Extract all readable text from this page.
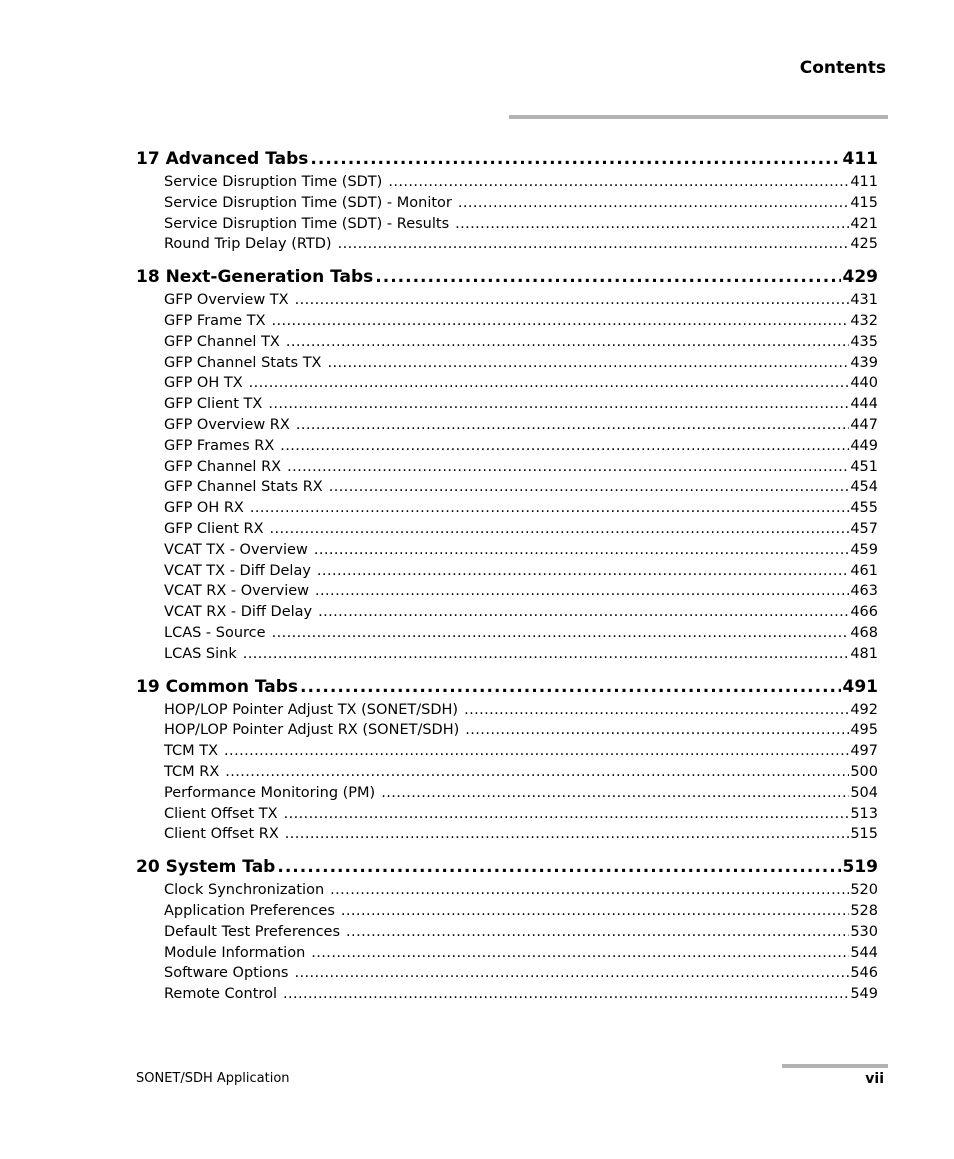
Contents
17 Advanced Tabs .....	411
Service Disruption Time (SDT) .....	411
Service Disruption Time (SDT) - Monitor .....	415
Service Disruption Time (SDT) - Results .....	421
Round Trip Delay (RTD) .....	425
18 Next-Generation Tabs .....	429
GFP Overview TX .....	431
GFP Frame TX .....	432
GFP Channel TX .....	435
GFP Channel Stats TX .....	439
GFP OH TX .....	440
GFP Client TX .....	444
GFP Overview RX .....	447
GFP Frames RX .....	449
GFP Channel RX .....	451
GFP Channel Stats RX .....	454
GFP OH RX .....	455
GFP Client RX .....	457
VCAT TX - Overview .....	459
VCAT TX - Diff Delay .....	461
VCAT RX - Overview .....	463
VCAT RX - Diff Delay .....	466
LCAS - Source .....	468
LCAS Sink .....	481
19 Common Tabs .....	491
HOP/LOP Pointer Adjust TX (SONET/SDH) .....	492
HOP/LOP Pointer Adjust RX (SONET/SDH) .....	495
TCM TX .....	497
TCM RX .....	500
Performance Monitoring (PM) .....	504
Client Offset TX .....	513
Client Offset RX .....	515
20 System Tab .....	519
Clock Synchronization .....	520
Application Preferences .....	528
Default Test Preferences .....	530
Module Information .....	544
Software Options .....	546
Remote Control .....	549
SONET/SDH Application	vii
